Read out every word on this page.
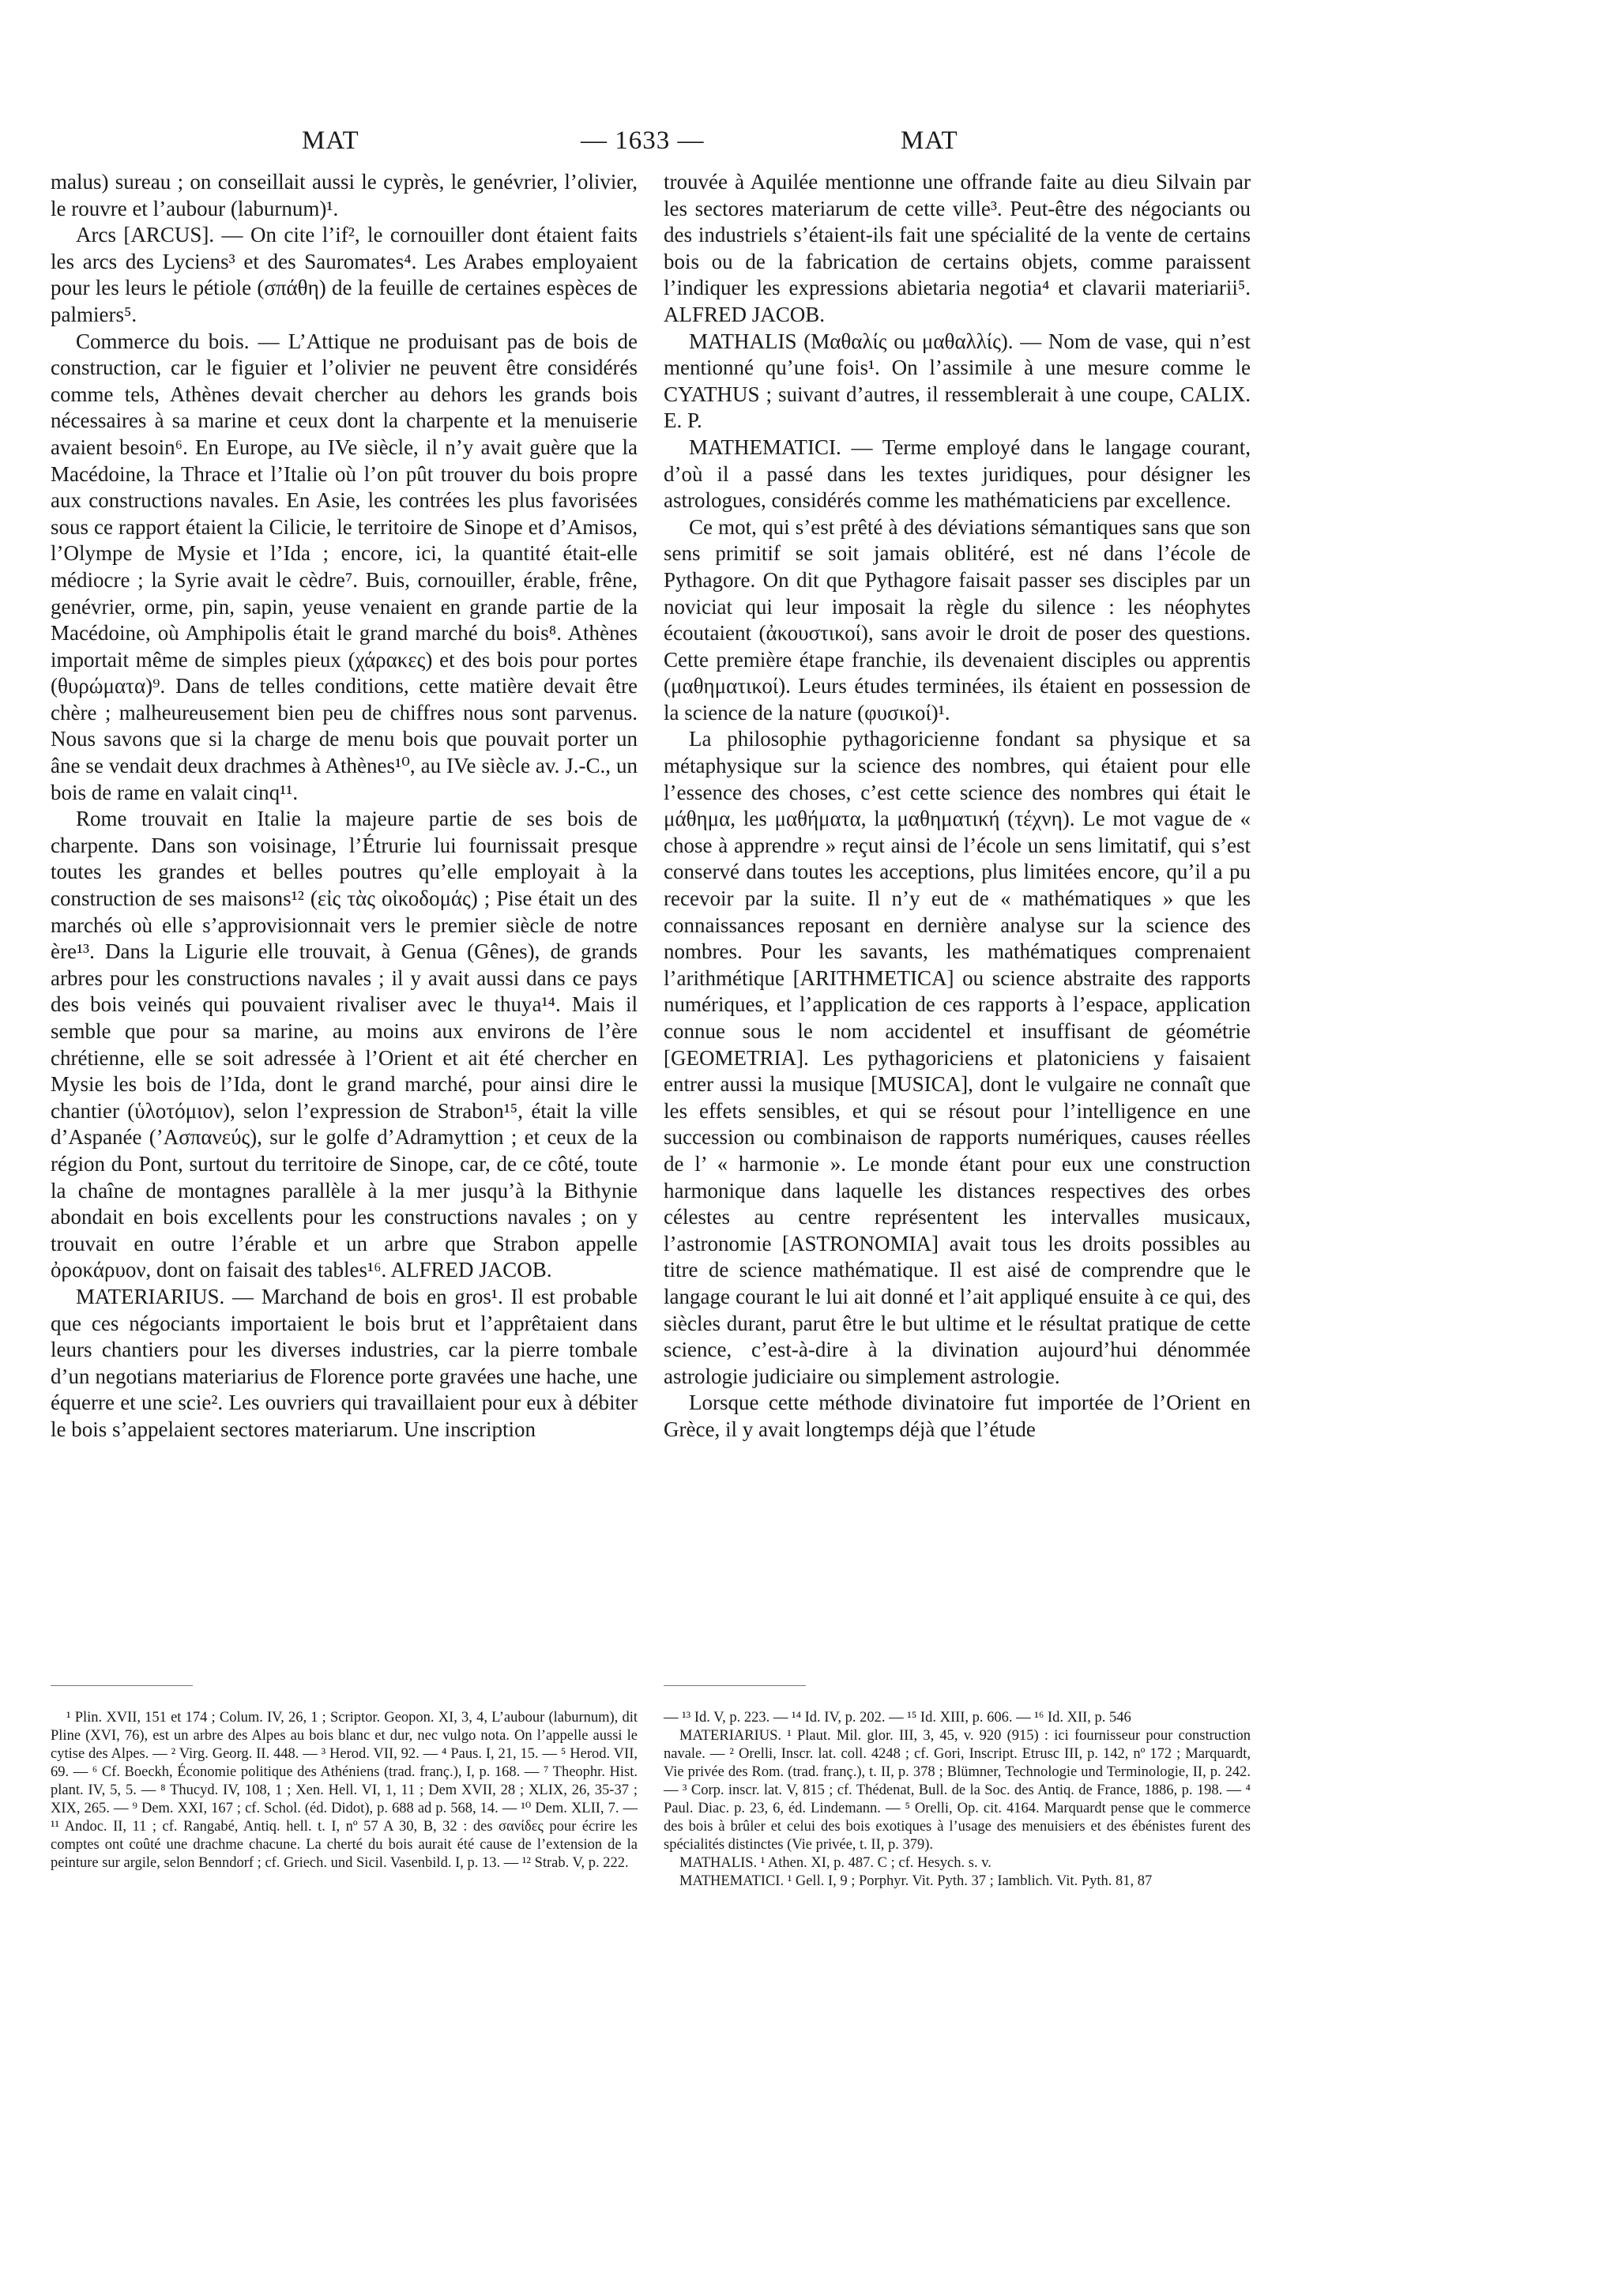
MAT	— 1633 —	MAT

malus) sureau ; on conseillait aussi le cyprès, le genévrier, l’olivier, le rouvre et l’aubour (laburnum)¹.

Arcs [ARCUS]. — On cite l’if², le cornouiller dont étaient faits les arcs des Lyciens³ et des Sauromates⁴. Les Arabes employaient pour les leurs le pétiole (σπάθη) de la feuille de certaines espèces de palmiers⁵.

Commerce du bois. — L’Attique ne produisant pas de bois de construction, car le figuier et l’olivier ne peuvent être considérés comme tels, Athènes devait chercher au dehors les grands bois nécessaires à sa marine et ceux dont la charpente et la menuiserie avaient besoin⁶. En Europe, au IVe siècle, il n’y avait guère que la Macédoine, la Thrace et l’Italie où l’on pût trouver du bois propre aux constructions navales. En Asie, les contrées les plus favorisées sous ce rapport étaient la Cilicie, le territoire de Sinope et d’Amisos, l’Olympe de Mysie et l’Ida ; encore, ici, la quantité était-elle médiocre ; la Syrie avait le cèdre⁷. Buis, cornouiller, érable, frêne, genévrier, orme, pin, sapin, yeuse venaient en grande partie de la Macédoine, où Amphipolis était le grand marché du bois⁸. Athènes importait même de simples pieux (χάρακες) et des bois pour portes (θυρώματα)⁹. Dans de telles conditions, cette matière devait être chère ; malheureusement bien peu de chiffres nous sont parvenus. Nous savons que si la charge de menu bois que pouvait porter un âne se vendait deux drachmes à Athènes¹⁰, au IVe siècle av. J.-C., un bois de rame en valait cinq¹¹.

Rome trouvait en Italie la majeure partie de ses bois de charpente. Dans son voisinage, l’Étrurie lui fournissait presque toutes les grandes et belles poutres qu’elle employait à la construction de ses maisons¹² (εἰς τὰς οἰκοδομάς) ; Pise était un des marchés où elle s’approvisionnait vers le premier siècle de notre ère¹³. Dans la Ligurie elle trouvait, à Genua (Gênes), de grands arbres pour les constructions navales ; il y avait aussi dans ce pays des bois veinés qui pouvaient rivaliser avec le thuya¹⁴. Mais il semble que pour sa marine, au moins aux environs de l’ère chrétienne, elle se soit adressée à l’Orient et ait été chercher en Mysie les bois de l’Ida, dont le grand marché, pour ainsi dire le chantier (ὑλοτόμιον), selon l’expression de Strabon¹⁵, était la ville d’Aspanée (’Ασπανεύς), sur le golfe d’Adramyttion ; et ceux de la région du Pont, surtout du territoire de Sinope, car, de ce côté, toute la chaîne de montagnes parallèle à la mer jusqu’à la Bithynie abondait en bois excellents pour les constructions navales ; on y trouvait en outre l’érable et un arbre que Strabon appelle ὀροκάρυον, dont on faisait des tables¹⁶. ALFRED JACOB.

MATERIARIUS. — Marchand de bois en gros¹. Il est probable que ces négociants importaient le bois brut et l’apprêtaient dans leurs chantiers pour les diverses industries, car la pierre tombale d’un negotians materiarius de Florence porte gravées une hache, une équerre et une scie². Les ouvriers qui travaillaient pour eux à débiter le bois s’appelaient sectores materiarum. Une inscription

trouvée à Aquilée mentionne une offrande faite au dieu Silvain par les sectores materiarum de cette ville³. Peut-être des négociants ou des industriels s’étaient-ils fait une spécialité de la vente de certains bois ou de la fabrication de certains objets, comme paraissent l’indiquer les expressions abietaria negotia⁴ et clavarii materiarii⁵. ALFRED JACOB.

MATHALIS (Μαθαλίς ou μαθαλλίς). — Nom de vase, qui n’est mentionné qu’une fois¹. On l’assimile à une mesure comme le CYATHUS ; suivant d’autres, il ressemblerait à une coupe, CALIX. E. P.

MATHEMATICI. — Terme employé dans le langage courant, d’où il a passé dans les textes juridiques, pour désigner les astrologues, considérés comme les mathématiciens par excellence.

Ce mot, qui s’est prêté à des déviations sémantiques sans que son sens primitif se soit jamais oblitéré, est né dans l’école de Pythagore. On dit que Pythagore faisait passer ses disciples par un noviciat qui leur imposait la règle du silence : les néophytes écoutaient (ἀκουστικοί), sans avoir le droit de poser des questions. Cette première étape franchie, ils devenaient disciples ou apprentis (μαθηματικοί). Leurs études terminées, ils étaient en possession de la science de la nature (φυσικοί)¹.

La philosophie pythagoricienne fondant sa physique et sa métaphysique sur la science des nombres, qui étaient pour elle l’essence des choses, c’est cette science des nombres qui était le μάθημα, les μαθήματα, la μαθηματική (τέχνη). Le mot vague de « chose à apprendre » reçut ainsi de l’école un sens limitatif, qui s’est conservé dans toutes les acceptions, plus limitées encore, qu’il a pu recevoir par la suite. Il n’y eut de « mathématiques » que les connaissances reposant en dernière analyse sur la science des nombres. Pour les savants, les mathématiques comprenaient l’arithmétique [ARITHMETICA] ou science abstraite des rapports numériques, et l’application de ces rapports à l’espace, application connue sous le nom accidentel et insuffisant de géométrie [GEOMETRIA]. Les pythagoriciens et platoniciens y faisaient entrer aussi la musique [MUSICA], dont le vulgaire ne connaît que les effets sensibles, et qui se résout pour l’intelligence en une succession ou combinaison de rapports numériques, causes réelles de l’ « harmonie ». Le monde étant pour eux une construction harmonique dans laquelle les distances respectives des orbes célestes au centre représentent les intervalles musicaux, l’astronomie [ASTRONOMIA] avait tous les droits possibles au titre de science mathématique. Il est aisé de comprendre que le langage courant le lui ait donné et l’ait appliqué ensuite à ce qui, des siècles durant, parut être le but ultime et le résultat pratique de cette science, c’est-à-dire à la divination aujourd’hui dénommée astrologie judiciaire ou simplement astrologie.

Lorsque cette méthode divinatoire fut importée de l’Orient en Grèce, il y avait longtemps déjà que l’étude

¹ Plin. XVII, 151 et 174 ; Colum. IV, 26, 1 ; Scriptor. Geopon. XI, 3, 4, L’aubour (laburnum), dit Pline (XVI, 76), est un arbre des Alpes au bois blanc et dur, nec vulgo nota. On l’appelle aussi le cytise des Alpes. — ² Virg. Georg. II. 448. — ³ Herod. VII, 92. — ⁴ Paus. I, 21, 15. — ⁵ Herod. VII, 69. — ⁶ Cf. Boeckh, Économie politique des Athéniens (trad. franç.), I, p. 168. — ⁷ Theophr. Hist. plant. IV, 5, 5. — ⁸ Thucyd. IV, 108, 1 ; Xen. Hell. VI, 1, 11 ; Dem XVII, 28 ; XLIX, 26, 35-37 ; XIX, 265. — ⁹ Dem. XXI, 167 ; cf. Schol. (éd. Didot), p. 688 ad p. 568, 14. — ¹⁰ Dem. XLII, 7. — ¹¹ Andoc. II, 11 ; cf. Rangabé, Antiq. hell. t. I, nº 57 A 30, B, 32 : des σανίδες pour écrire les comptes ont coûté une drachme chacune. La cherté du bois aurait été cause de l’extension de la peinture sur argile, selon Benndorf ; cf. Griech. und Sicil. Vasenbild. I, p. 13. — ¹² Strab. V, p. 222.

— ¹³ Id. V, p. 223. — ¹⁴ Id. IV, p. 202. — ¹⁵ Id. XIII, p. 606. — ¹⁶ Id. XII, p. 546

MATERIARIUS. ¹ Plaut. Mil. glor. III, 3, 45, v. 920 (915) : ici fournisseur pour construction navale. — ² Orelli, Inscr. lat. coll. 4248 ; cf. Gori, Inscript. Etrusc III, p. 142, nº 172 ; Marquardt, Vie privée des Rom. (trad. franç.), t. II, p. 378 ; Blümner, Technologie und Terminologie, II, p. 242. — ³ Corp. inscr. lat. V, 815 ; cf. Thédenat, Bull. de la Soc. des Antiq. de France, 1886, p. 198. — ⁴ Paul. Diac. p. 23, 6, éd. Lindemann. — ⁵ Orelli, Op. cit. 4164. Marquardt pense que le commerce des bois à brûler et celui des bois exotiques à l’usage des menuisiers et des ébénistes furent des spécialités distinctes (Vie privée, t. II, p. 379).

MATHALIS. ¹ Athen. XI, p. 487. C ; cf. Hesych. s. v.

MATHEMATICI. ¹ Gell. I, 9 ; Porphyr. Vit. Pyth. 37 ; Iamblich. Vit. Pyth. 81, 87
